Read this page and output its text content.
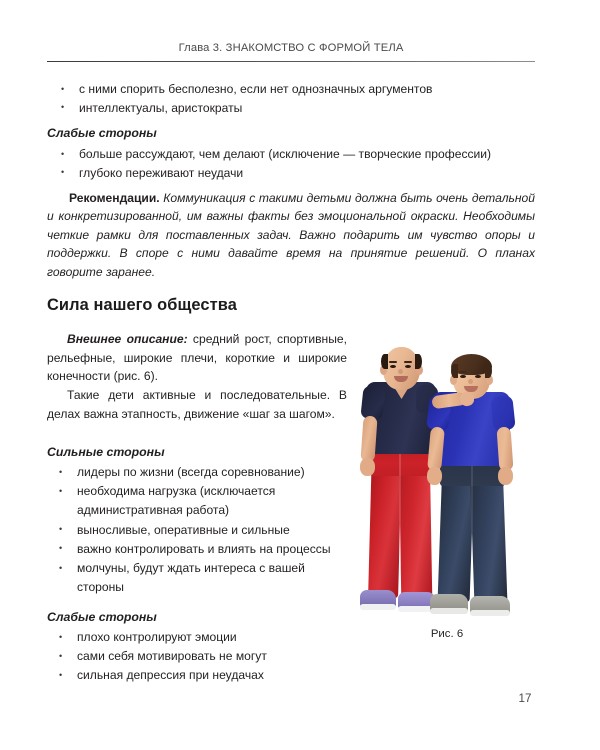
Глава 3. ЗНАКОМСТВО С ФОРМОЙ ТЕЛА
• с ними спорить бесполезно, если нет однозначных аргументов
• интеллектуалы, аристократы
Слабые стороны
• больше рассуждают, чем делают (исключение — творческие профессии)
• глубоко переживают неудачи

Рекомендации. Коммуникация с такими детьми должна быть очень детальной и конкретизированной, им важны факты без эмоциональной окраски. Необходимы четкие рамки для поставленных задач. Важно подарить им чувство опоры и поддержки. В споре с ними давайте время на принятие решений. О планах говорите заранее.

Сила нашего общества

Внешнее описание: средний рост, спортивные, рельефные, широкие плечи, короткие и широкие конечности (рис. 6).

Такие дети активные и последовательные. В делах важна этапность, движение «шаг за шагом».

Сильные стороны
• лидеры по жизни (всегда соревнование)
• необходима нагрузка (исключается административная работа)
• выносливые, оперативные и сильные
• важно контролировать и влиять на процессы
• молчуны, будут ждать интереса с вашей стороны
Слабые стороны
• плохо контролируют эмоции
• сами себя мотивировать не могут
• сильная депрессия при неудачах
Рис. 6
17
